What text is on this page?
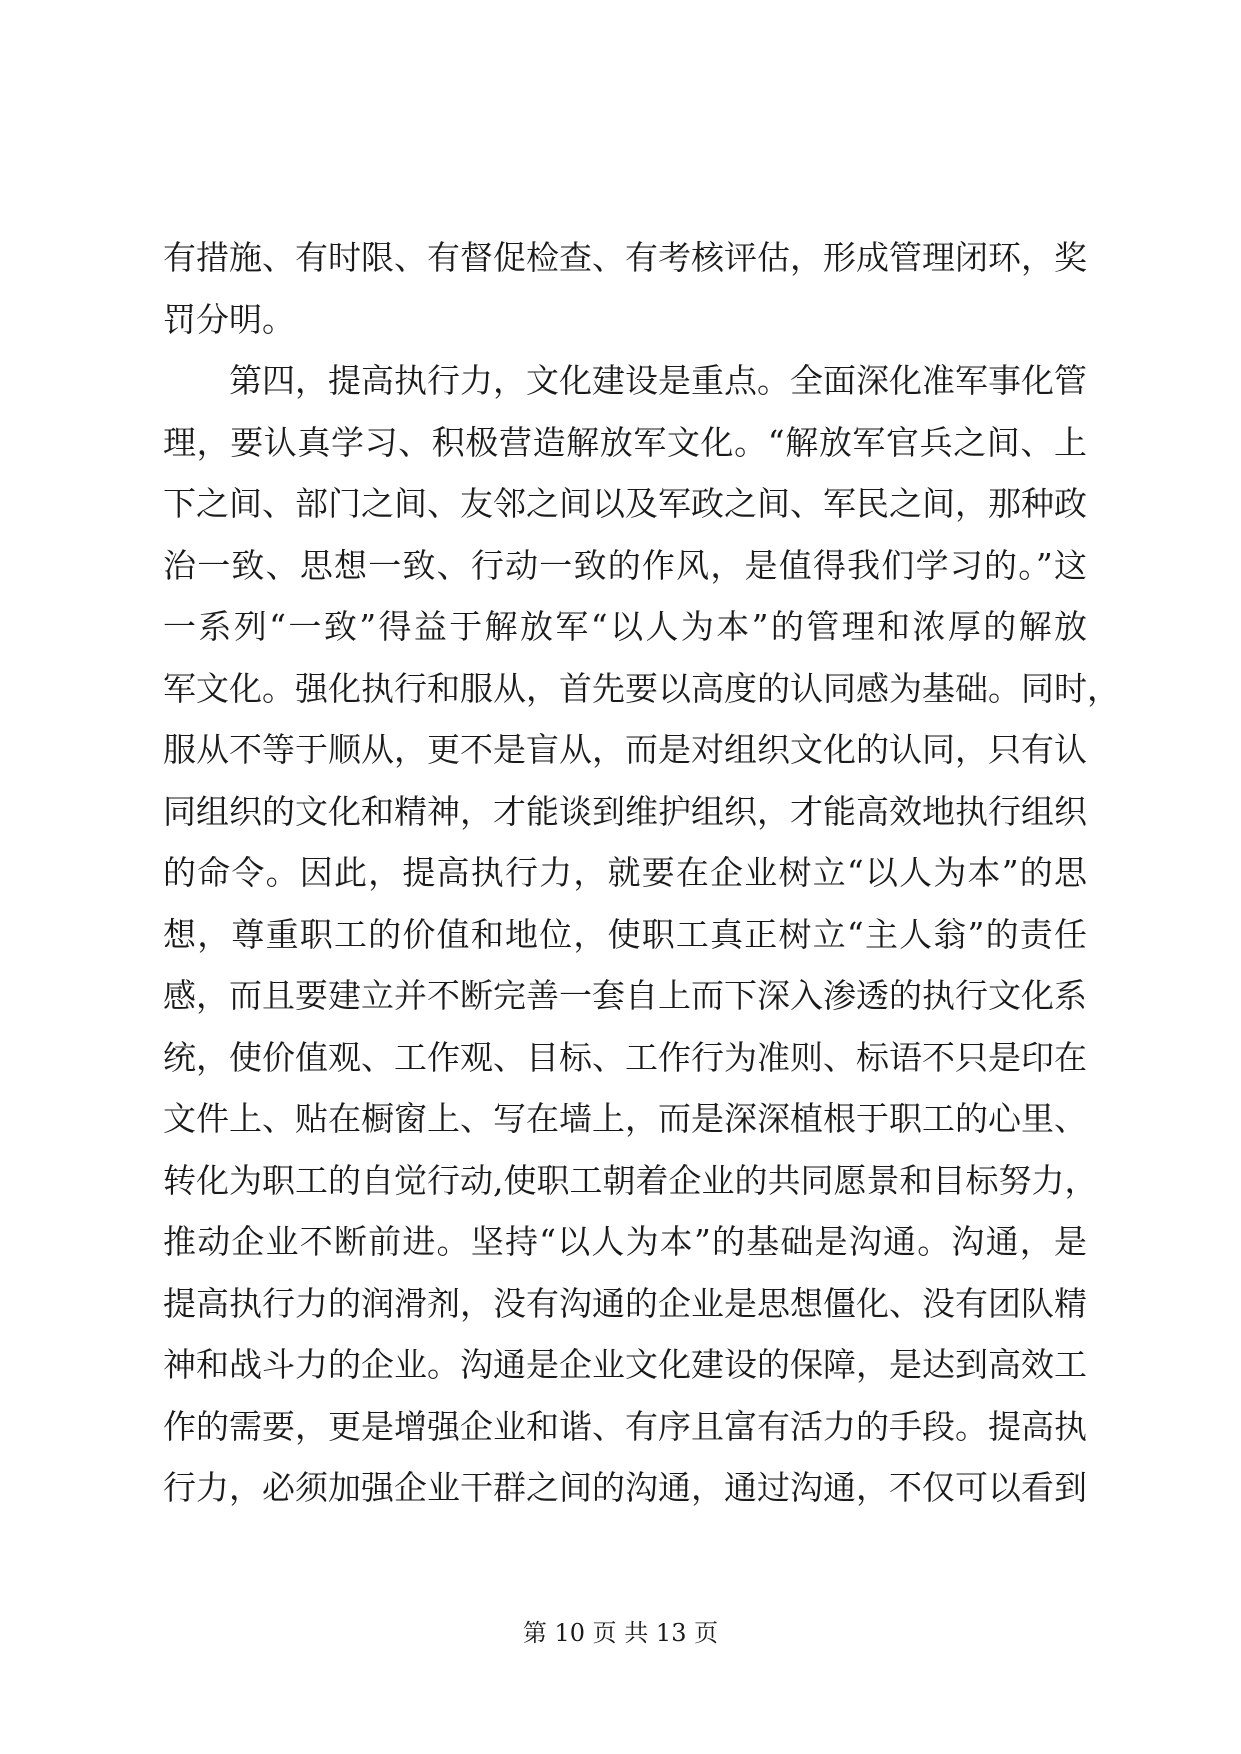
有措施、有时限、有督促检查、有考核评估，形成管理闭环，奖
罚分明。
第四，提高执行力，文化建设是重点。全面深化准军事化管
理，要认真学习、积极营造解放军文化。“解放军官兵之间、上
下之间、部门之间、友邻之间以及军政之间、军民之间，那种政
治一致、思想一致、行动一致的作风，是值得我们学习的。”这
一系列“一致”得益于解放军“以人为本”的管理和浓厚的解放
军文化。强化执行和服从，首先要以高度的认同感为基础。同时，
服从不等于顺从，更不是盲从，而是对组织文化的认同，只有认
同组织的文化和精神，才能谈到维护组织，才能高效地执行组织
的命令。因此，提高执行力，就要在企业树立“以人为本”的思
想，尊重职工的价值和地位，使职工真正树立“主人翁”的责任
感，而且要建立并不断完善一套自上而下深入渗透的执行文化系
统，使价值观、工作观、目标、工作行为准则、标语不只是印在
文件上、贴在橱窗上、写在墙上，而是深深植根于职工的心里、
转化为职工的自觉行动,使职工朝着企业的共同愿景和目标努力，
推动企业不断前进。坚持“以人为本”的基础是沟通。沟通，是
提高执行力的润滑剂，没有沟通的企业是思想僵化、没有团队精
神和战斗力的企业。沟通是企业文化建设的保障，是达到高效工
作的需要，更是增强企业和谐、有序且富有活力的手段。提高执
行力，必须加强企业干群之间的沟通，通过沟通，不仅可以看到
第 10 页 共 13 页
